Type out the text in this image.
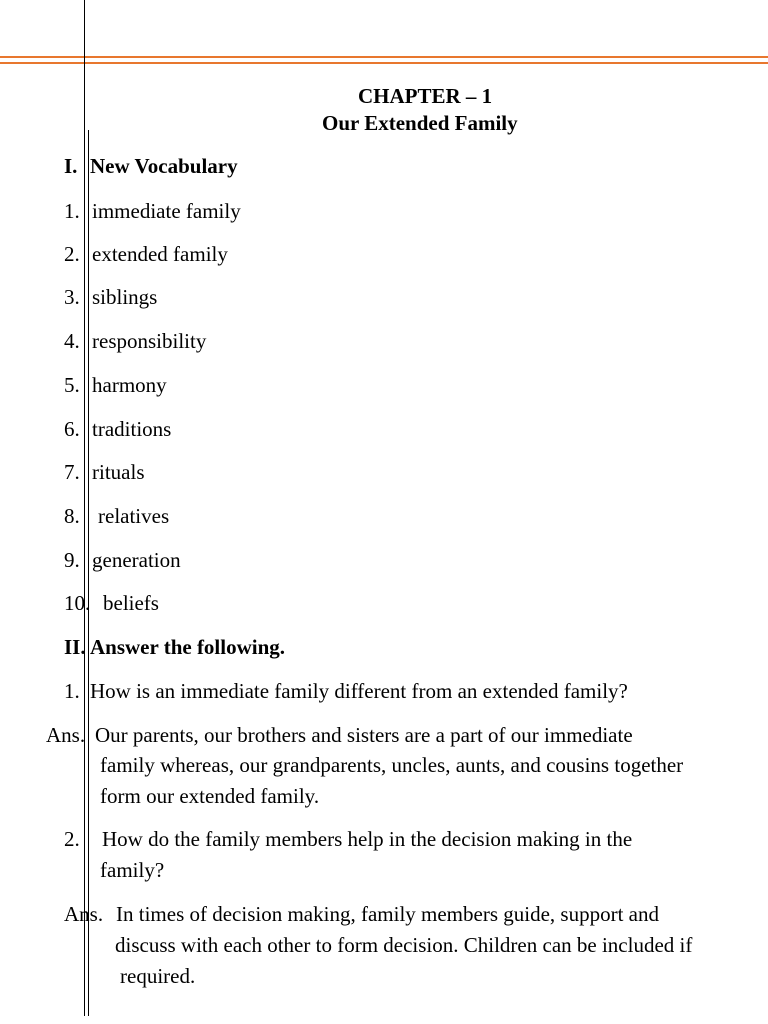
CHAPTER – 1
Our Extended Family
I. New Vocabulary
1. immediate family
2. extended family
3. siblings
4. responsibility
5. harmony
6. traditions
7. rituals
8. relatives
9. generation
10. beliefs
II. Answer the following.
1. How is an immediate family different from an extended family?
Ans. Our parents, our brothers and sisters are a part of our immediate
family whereas, our grandparents, uncles, aunts, and cousins together
form our extended family.
2. How do the family members help in the decision making in the
family?
Ans. In times of decision making, family members guide, support and
discuss with each other to form decision. Children can be included if
required.
